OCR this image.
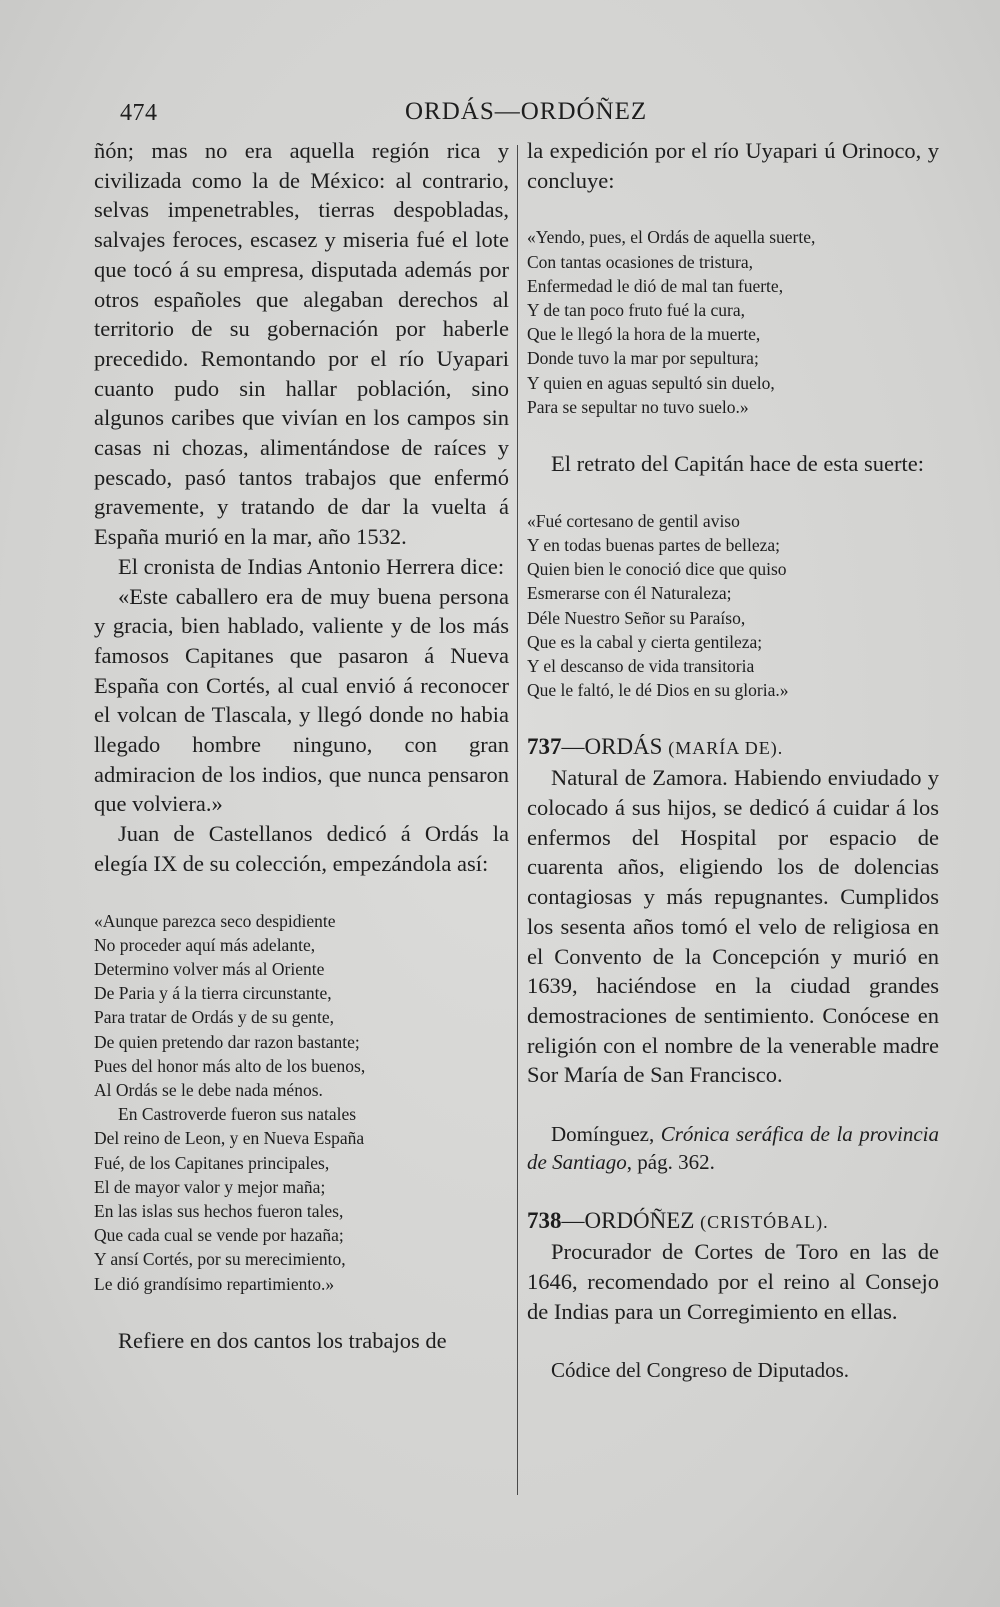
474	ORDÁS—ORDÓÑEZ

ñón; mas no era aquella región rica y civilizada como la de México: al contrario, selvas impenetrables, tierras despobladas, salvajes feroces, escasez y miseria fué el lote que tocó á su empresa, disputada además por otros españoles que alegaban derechos al territorio de su gobernación por haberle precedido. Remontando por el río Uyapari cuanto pudo sin hallar población, sino algunos caribes que vivían en los campos sin casas ni chozas, alimentándose de raíces y pescado, pasó tantos trabajos que enfermó gravemente, y tratando de dar la vuelta á España murió en la mar, año 1532.

El cronista de Indias Antonio Herrera dice:

«Este caballero era de muy buena persona y gracia, bien hablado, valiente y de los más famosos Capitanes que pasaron á Nueva España con Cortés, al cual envió á reconocer el volcan de Tlascala, y llegó donde no habia llegado hombre ninguno, con gran admiracion de los indios, que nunca pensaron que volviera.»

Juan de Castellanos dedicó á Ordás la elegía IX de su colección, empezándola así:

«Aunque parezca seco despidiente
No proceder aquí más adelante,
Determino volver más al Oriente
De Paria y á la tierra circunstante,
Para tratar de Ordás y de su gente,
De quien pretendo dar razon bastante;
Pues del honor más alto de los buenos,
Al Ordás se le debe nada ménos.
En Castroverde fueron sus natales
Del reino de Leon, y en Nueva España
Fué, de los Capitanes principales,
El de mayor valor y mejor maña;
En las islas sus hechos fueron tales,
Que cada cual se vende por hazaña;
Y ansí Cortés, por su merecimiento,
Le dió grandísimo repartimiento.»

Refiere en dos cantos los trabajos de

la expedición por el río Uyapari ú Orinoco, y concluye:

«Yendo, pues, el Ordás de aquella suerte,
Con tantas ocasiones de tristura,
Enfermedad le dió de mal tan fuerte,
Y de tan poco fruto fué la cura,
Que le llegó la hora de la muerte,
Donde tuvo la mar por sepultura;
Y quien en aguas sepultó sin duelo,
Para se sepultar no tuvo suelo.»

El retrato del Capitán hace de esta suerte:

«Fué cortesano de gentil aviso
Y en todas buenas partes de belleza;
Quien bien le conoció dice que quiso
Esmerarse con él Naturaleza;
Déle Nuestro Señor su Paraíso,
Que es la cabal y cierta gentileza;
Y el descanso de vida transitoria
Que le faltó, le dé Dios en su gloria.»

737—ORDÁS (MARÍA DE).

Natural de Zamora. Habiendo enviudado y colocado á sus hijos, se dedicó á cuidar á los enfermos del Hospital por espacio de cuarenta años, eligiendo los de dolencias contagiosas y más repugnantes. Cumplidos los sesenta años tomó el velo de religiosa en el Convento de la Concepción y murió en 1639, haciéndose en la ciudad grandes demostraciones de sentimiento. Conócese en religión con el nombre de la venerable madre Sor María de San Francisco.

Domínguez, Crónica seráfica de la provincia de Santiago, pág. 362.

738—ORDÓÑEZ (CRISTÓBAL).

Procurador de Cortes de Toro en las de 1646, recomendado por el reino al Consejo de Indias para un Corregimiento en ellas.

Códice del Congreso de Diputados.
